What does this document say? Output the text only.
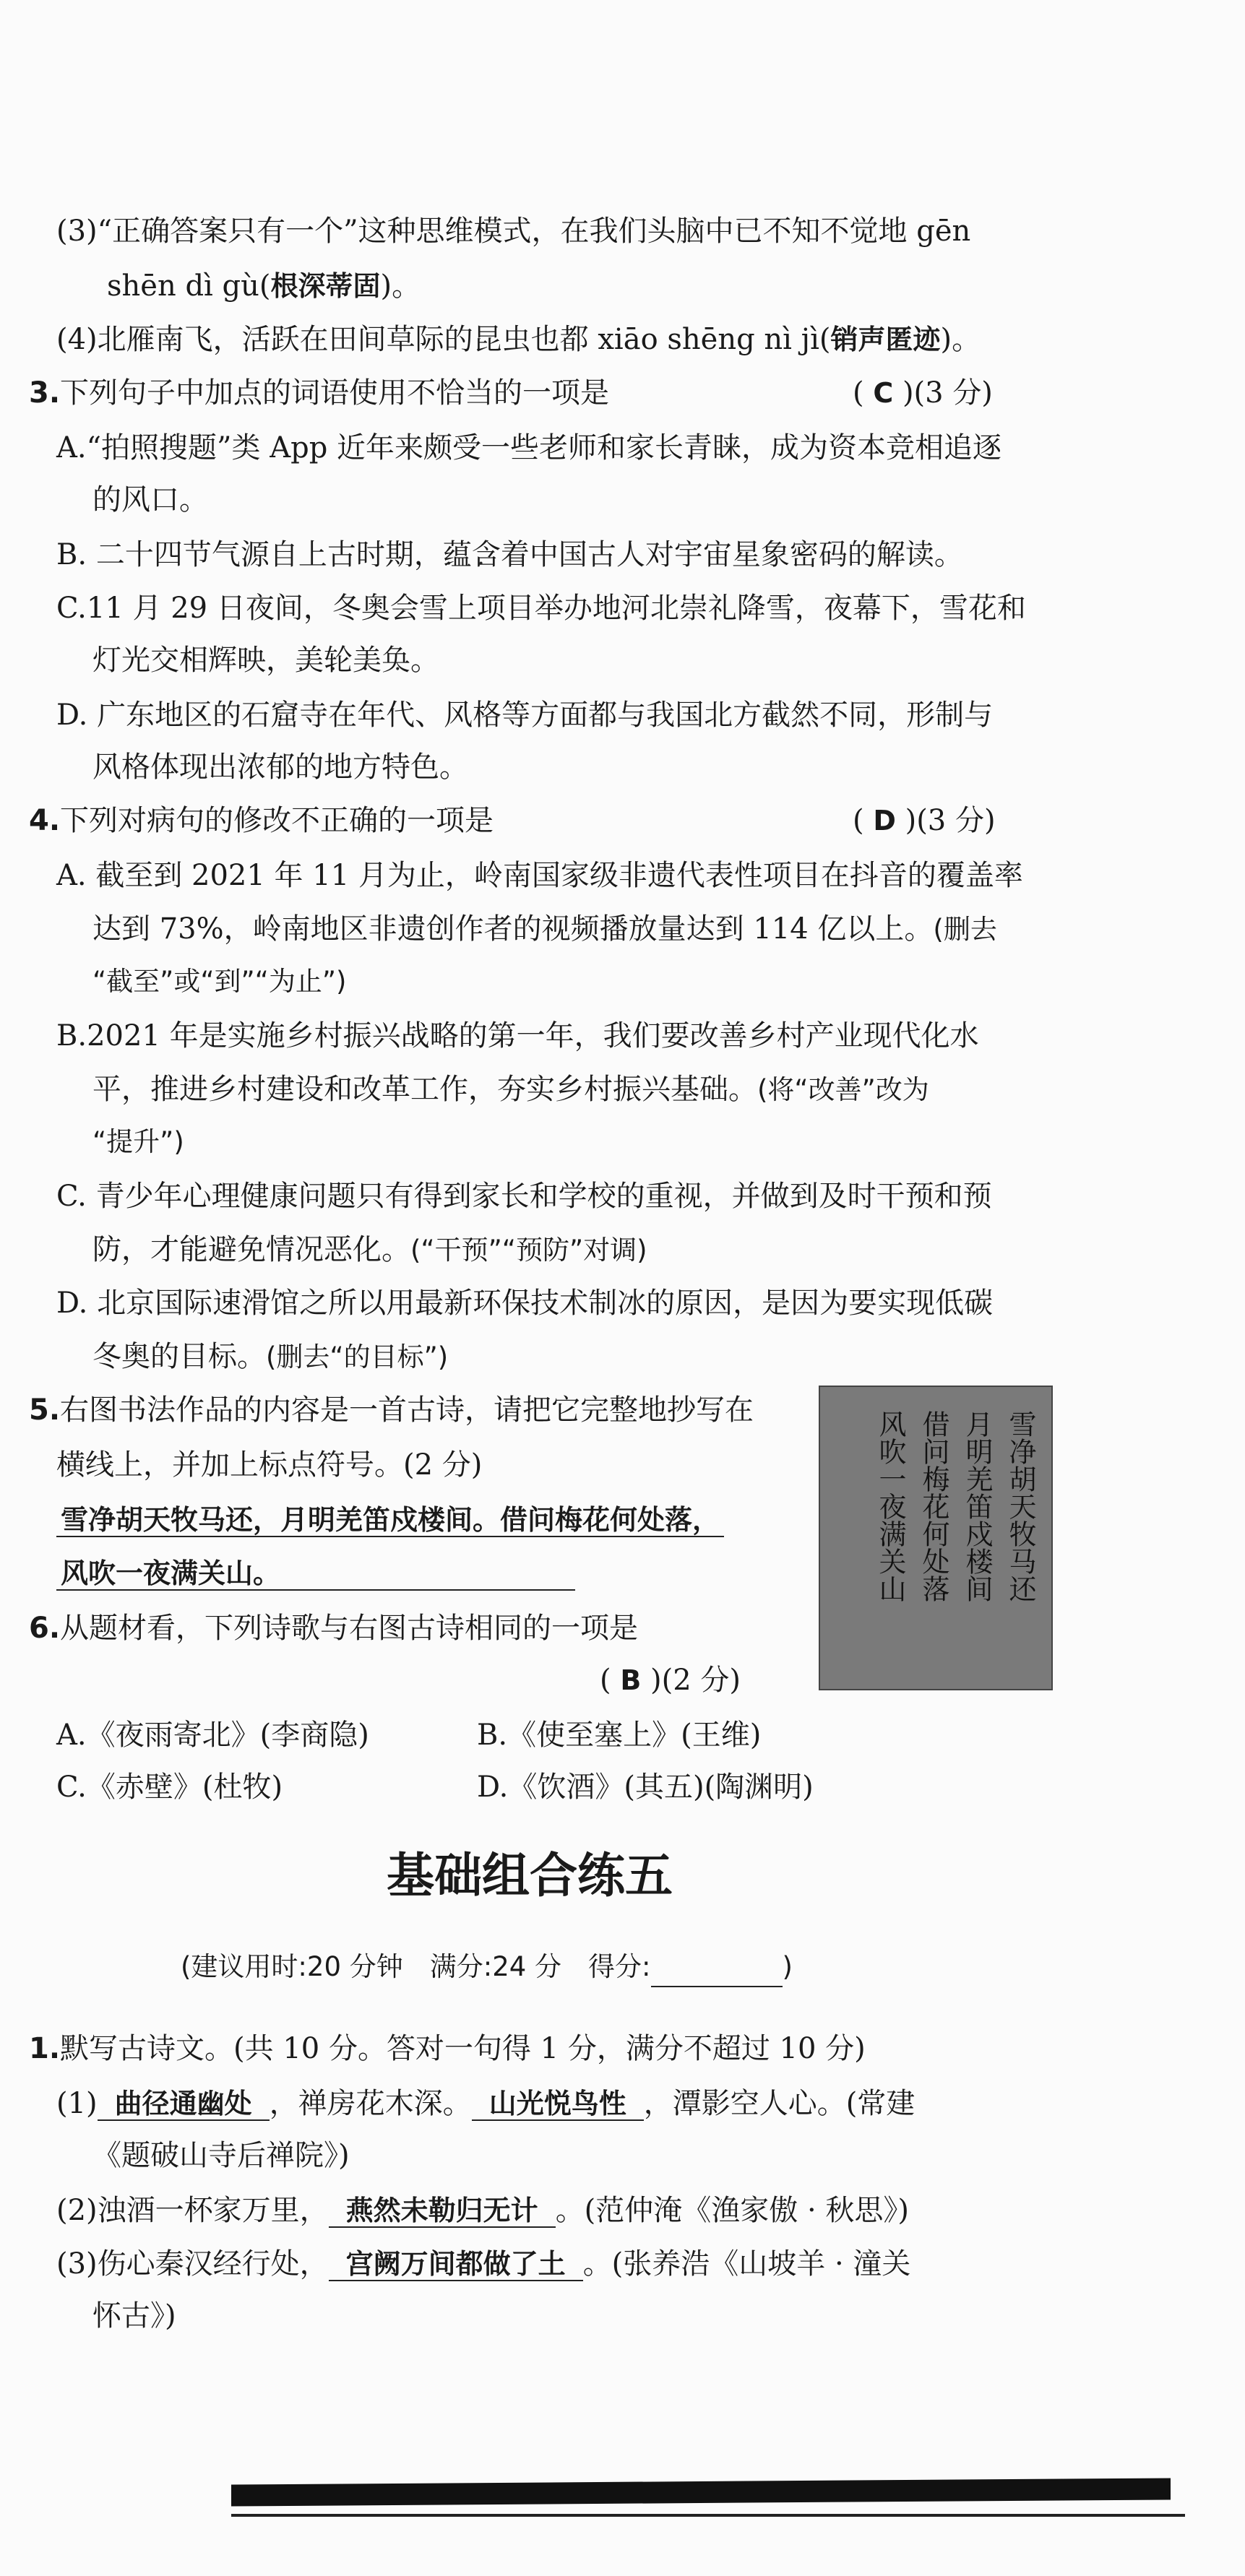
(3)“正确答案只有一个”这种思维模式，在我们头脑中已不知不觉地 gēn
shēn dì gù(根深蒂固)。
(4)北雁南飞，活跃在田间草际的昆虫也都 xiāo shēng nì jì(销声匿迹)。
3.下列句子中加点的词语使用不恰当的一项是	( C )(3 分)
A.“拍照搜题”类 App 近年来颇受一些老师和家长青睐 • •，成为资本竞相追逐
的风口。
B. 二十四节气源自上古时期，蕴含 • •着中国古人对宇宙星象密码的解读。
C.11 月 29 日夜间，冬奥会雪上项目举办地河北崇礼降雪，夜幕下，雪花和
灯光交相辉映，美轮美奂 • • 。
D. 广东地区的石窟寺在年代、风格等方面都与我国北方截然不同 • • ，形制与
风格体现出浓郁的地方特色。
4.下列对病句的修改不正确的一项是	( D )(3 分)
A. 截至到 2021 年 11 月为止，岭南国家级非遗代表性项目在抖音的覆盖率
达到 73%，岭南地区非遗创作者的视频播放量达到 114 亿以上。(删去
“截至”或“到”“为止”)
B.2021 年是实施乡村振兴战略的第一年，我们要改善乡村产业现代化水
平，推进乡村建设和改革工作，夯实乡村振兴基础。(将“改善”改为
“提升”)
C. 青少年心理健康问题只有得到家长和学校的重视，并做到及时干预和预
防，才能避免情况恶化。(“干预”“预防”对调)
D. 北京国际速滑馆之所以用最新环保技术制冰的原因，是因为要实现低碳
冬奥的目标。(删去“的目标”)
5.右图书法作品的内容是一首古诗，请把它完整地抄写在
横线上，并加上标点符号。(2 分)
雪净胡天牧马还，月明羌笛戍楼间。借问梅花何处落，
风吹一夜满关山。	雪净胡天牧马还
月明羌笛戍楼间
借问梅花何处落
风吹一夜满关山
6.从题材看，下列诗歌与右图古诗相同的一项是
( B )(2 分)
A.《夜雨寄北》(李商隐)	B.《使至塞上》(王维)
C.《赤壁》(杜牧)	D.《饮酒》(其五)(陶渊明)
基础组合练五
(建议用时:20 分钟　满分:24 分　得分:	)
1.默写古诗文。(共 10 分。答对一句得 1 分，满分不超过 10 分)
(1) 曲径通幽处 ，禅房花木深。 山光悦鸟性 ，潭影空人心。(常建
《题破山寺后禅院》)
(2)浊酒一杯家万里， 燕然未勒归无计 。(范仲淹《渔家傲 · 秋思》)
(3)伤心秦汉经行处， 宫阙万间都做了土 。(张养浩《山坡羊 · 潼关
怀古》)
